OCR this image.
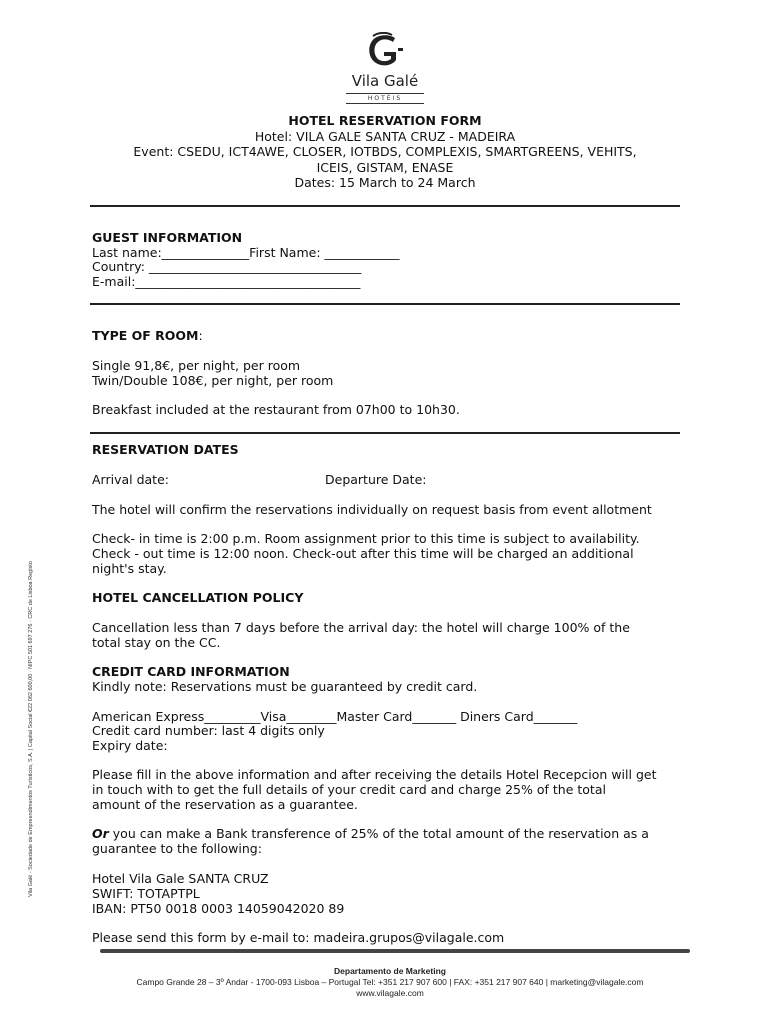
Vila Galé
HOTÉIS
HOTEL RESERVATION FORM
Hotel: VILA GALE SANTA CRUZ - MADEIRA
Event: CSEDU, ICT4AWE, CLOSER, IOTBDS, COMPLEXIS, SMARTGREENS, VEHITS,
ICEIS, GISTAM, ENASE
Dates: 15 March to 24 March
GUEST INFORMATION
Last name:______________First Name: ____________
Country: __________________________________
E-mail:____________________________________
TYPE OF ROOM:
Single 91,8€, per night, per room
Twin/Double 108€, per night, per room
Breakfast included at the restaurant from 07h00 to 10h30.
RESERVATION DATES
Arrival date:	Departure Date:
The hotel will confirm the reservations individually on request basis from event allotment
Check- in time is 2:00 p.m. Room assignment prior to this time is subject to availability.
Check - out time is 12:00 noon. Check-out after this time will be charged an additional
night's stay.
HOTEL CANCELLATION POLICY
Cancellation less than 7 days before the arrival day: the hotel will charge 100% of the
total stay on the CC.
CREDIT CARD INFORMATION
Kindly note: Reservations must be guaranteed by credit card.
American Express_________Visa________Master Card_______ Diners Card_______
Credit card number: last 4 digits only
Expiry date:
Please fill in the above information and after receiving the details Hotel Recepcion will get
in touch with to get the full details of your credit card and charge 25% of the total
amount of the reservation as a guarantee.
Or you can make a Bank transference of 25% of the total amount of the reservation as a
guarantee to the following:
Hotel Vila Gale SANTA CRUZ
SWIFT: TOTAPTPL
IBAN: PT50 0018 0003 14059042020 89
Please send this form by e-mail to: madeira.grupos@vilagale.com
Vila Galé - Sociedade de Empreendimentos Turísticos, S.A. | Capital Social €22 062 600,00 · NIPC 501 697 276 · CRC de Lisboa Registo
Departamento de Marketing
Campo Grande 28 – 3º Andar - 1700-093 Lisboa – Portugal Tel: +351 217 907 600 | FAX: +351 217 907 640 | marketing@vilagale.com
www.vilagale.com
